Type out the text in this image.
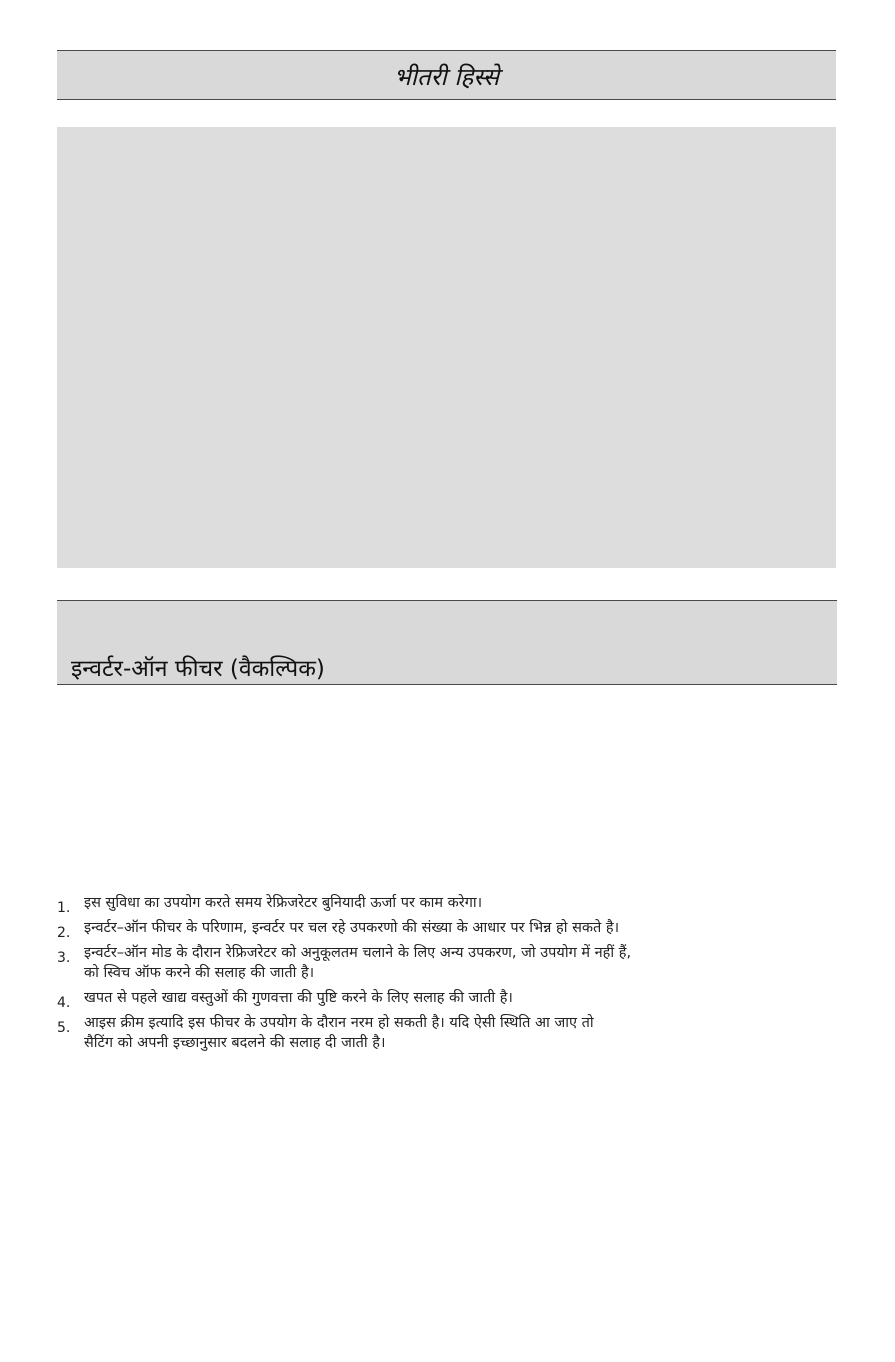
भीतरी हिस्से
इन्वर्टर-ऑन फीचर (वैकल्पिक)
1. इस सुविधा का उपयोग करते समय रेफ्रिजरेटर बुनियादी ऊर्जा पर काम करेगा।
2. इन्वर्टर–ऑन फीचर के परिणाम, इन्वर्टर पर चल रहे उपकरणो की संख्या के आधार पर भिन्न हो सकते है।
3. इन्वर्टर–ऑन मोड के दौरान रेफ्रिजरेटर को अनुकूलतम चलाने के लिए अन्य उपकरण, जो उपयोग में नहीं हैं,
को स्विच ऑफ करने की सलाह की जाती है।
4. खपत से पहले खाद्य वस्तुओं की गुणवत्ता की पुष्टि करने के लिए सलाह की जाती है।
5. आइस क्रीम इत्यादि इस फीचर के उपयोग के दौरान नरम हो सकती है। यदि ऐसी स्थिति आ जाए तो
सैटिंग को अपनी इच्छानुसार बदलने की सलाह दी जाती है।
